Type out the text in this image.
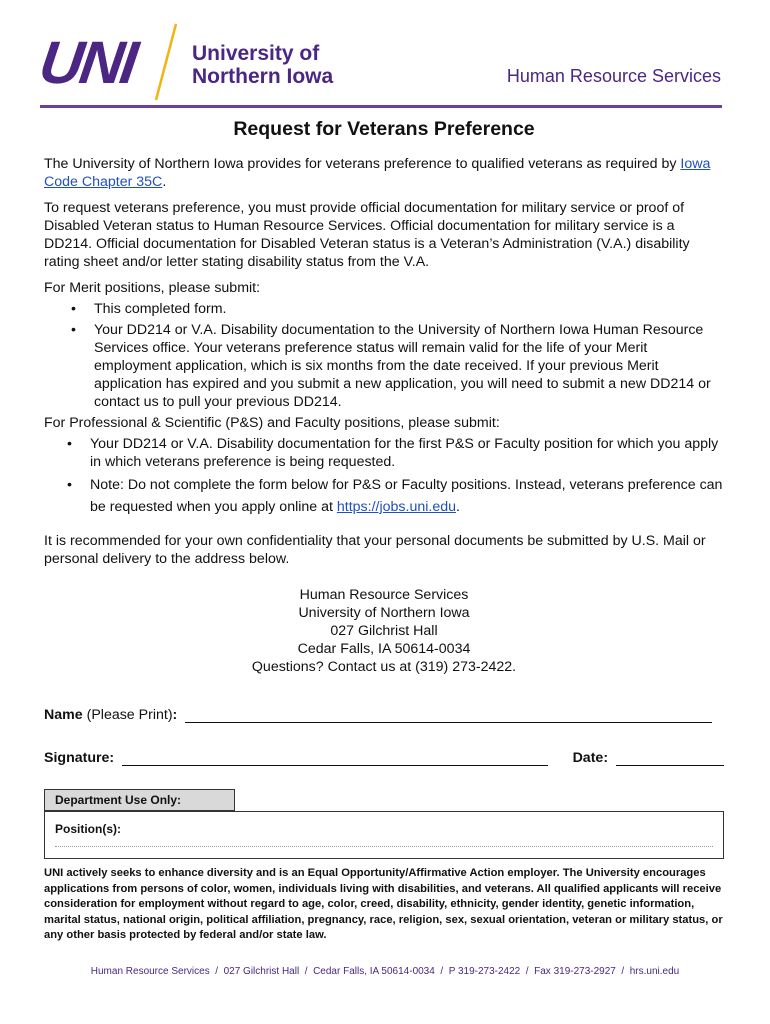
UNI	University of
Northern Iowa	Human Resource Services
Request for Veterans Preference

The University of Northern Iowa provides for veterans preference to qualified veterans as required by Iowa Code Chapter 35C.

To request veterans preference, you must provide official documentation for military service or proof of Disabled Veteran status to Human Resource Services. Official documentation for military service is a DD214. Official documentation for Disabled Veteran status is a Veteran’s Administration (V.A.) disability rating sheet and/or letter stating disability status from the V.A.

For Merit positions, please submit:
• This completed form.
• Your DD214 or V.A. Disability documentation to the University of Northern Iowa Human Resource Services office. Your veterans preference status will remain valid for the life of your Merit employment application, which is six months from the date received. If your previous Merit application has expired and you submit a new application, you will need to submit a new DD214 or contact us to pull your previous DD214.
For Professional & Scientific (P&S) and Faculty positions, please submit:
• Your DD214 or V.A. Disability documentation for the first P&S or Faculty position for which you apply in which veterans preference is being requested.
• Note: Do not complete the form below for P&S or Faculty positions. Instead, veterans preference can be requested when you apply online at https://jobs.uni.edu.

It is recommended for your own confidentiality that your personal documents be submitted by U.S. Mail or personal delivery to the address below.

Human Resource Services
University of Northern Iowa
027 Gilchrist Hall
Cedar Falls, IA 50614-0034
Questions? Contact us at (319) 273-2422.
Name (Please Print):
Signature:	Date:
Department Use Only:
Position(s):
UNI actively seeks to enhance diversity and is an Equal Opportunity/Affirmative Action employer. The University encourages applications from persons of color, women, individuals living with disabilities, and veterans. All qualified applicants will receive consideration for employment without regard to age, color, creed, disability, ethnicity, gender identity, genetic information, marital status, national origin, political affiliation, pregnancy, race, religion, sex, sexual orientation, veteran or military status, or any other basis protected by federal and/or state law.
Human Resource Services  /  027 Gilchrist Hall  /  Cedar Falls, IA 50614-0034  /  P 319-273-2422  /  Fax 319-273-2927  /  hrs.uni.edu
